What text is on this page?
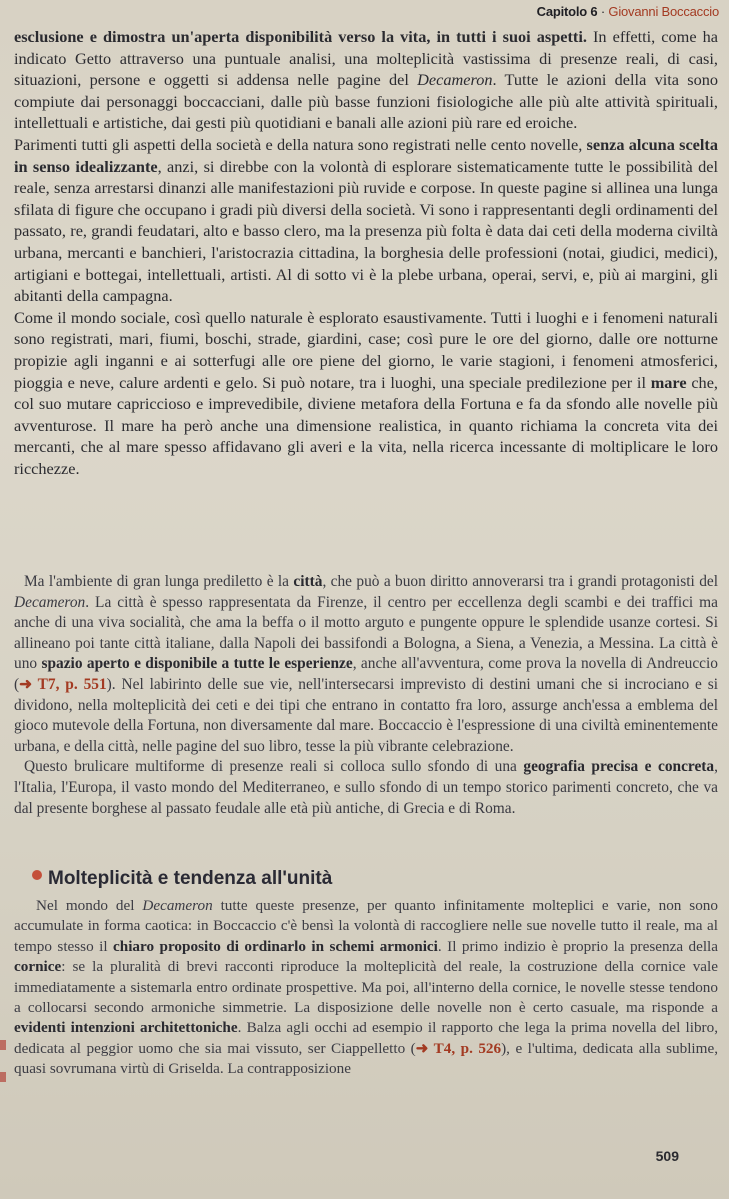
Capitolo 6 · Giovanni Boccaccio

esclusione e dimostra un'aperta disponibilità verso la vita, in tutti i suoi aspetti. In effetti, come ha indicato Getto attraverso una puntuale analisi, una molteplicità vastissima di presenze reali, di casi, situazioni, persone e oggetti si addensa nelle pagine del Decameron. Tutte le azioni della vita sono compiute dai personaggi boccacciani, dalle più basse funzioni fisiologiche alle più alte attività spirituali, intellettuali e artistiche, dai gesti più quotidiani e banali alle azioni più rare ed eroiche.

Parimenti tutti gli aspetti della società e della natura sono registrati nelle cento novelle, senza alcuna scelta in senso idealizzante, anzi, si direbbe con la volontà di esplorare sistematicamente tutte le possibilità del reale, senza arrestarsi dinanzi alle manifestazioni più ruvide e corpose. In queste pagine si allinea una lunga sfilata di figure che occupano i gradi più diversi della società. Vi sono i rappresentanti degli ordinamenti del passato, re, grandi feudatari, alto e basso clero, ma la presenza più folta è data dai ceti della moderna civiltà urbana, mercanti e banchieri, l'aristocrazia cittadina, la borghesia delle professioni (notai, giudici, medici), artigiani e bottegai, intellettuali, artisti. Al di sotto vi è la plebe urbana, operai, servi, e, più ai margini, gli abitanti della campagna.

Come il mondo sociale, così quello naturale è esplorato esaustivamente. Tutti i luoghi e i fenomeni naturali sono registrati, mari, fiumi, boschi, strade, giardini, case; così pure le ore del giorno, dalle ore notturne propizie agli inganni e ai sotterfugi alle ore piene del giorno, le varie stagioni, i fenomeni atmosferici, pioggia e neve, calure ardenti e gelo. Si può notare, tra i luoghi, una speciale predilezione per il mare che, col suo mutare capriccioso e imprevedibile, diviene metafora della Fortuna e fa da sfondo alle novelle più avventurose. Il mare ha però anche una dimensione realistica, in quanto richiama la concreta vita dei mercanti, che al mare spesso affidavano gli averi e la vita, nella ricerca incessante di moltiplicare le loro ricchezze.

Ma l'ambiente di gran lunga prediletto è la città, che può a buon diritto annoverarsi tra i grandi protagonisti del Decameron. La città è spesso rappresentata da Firenze, il centro per eccellenza degli scambi e dei traffici ma anche di una viva socialità, che ama la beffa o il motto arguto e pungente oppure le splendide usanze cortesi. Si allineano poi tante città italiane, dalla Napoli dei bassifondi a Bologna, a Siena, a Venezia, a Messina. La città è uno spazio aperto e disponibile a tutte le esperienze, anche all'avventura, come prova la novella di Andreuccio (➜ T7, p. 551). Nel labirinto delle sue vie, nell'intersecarsi imprevisto di destini umani che si incrociano e si dividono, nella molteplicità dei ceti e dei tipi che entrano in contatto fra loro, assurge anch'essa a emblema del gioco mutevole della Fortuna, non diversamente dal mare. Boccaccio è l'espressione di una civiltà eminentemente urbana, e della città, nelle pagine del suo libro, tesse la più vibrante celebrazione.

Questo brulicare multiforme di presenze reali si colloca sullo sfondo di una geografia precisa e concreta, l'Italia, l'Europa, il vasto mondo del Mediterraneo, e sullo sfondo di un tempo storico parimenti concreto, che va dal presente borghese al passato feudale alle età più antiche, di Grecia e di Roma.

Molteplicità e tendenza all'unità

Nel mondo del Decameron tutte queste presenze, per quanto infinitamente molteplici e varie, non sono accumulate in forma caotica: in Boccaccio c'è bensì la volontà di raccogliere nelle sue novelle tutto il reale, ma al tempo stesso il chiaro proposito di ordinarlo in schemi armonici. Il primo indizio è proprio la presenza della cornice: se la pluralità di brevi racconti riproduce la molteplicità del reale, la costruzione della cornice vale immediatamente a sistemarla entro ordinate prospettive. Ma poi, all'interno della cornice, le novelle stesse tendono a collocarsi secondo armoniche simmetrie. La disposizione delle novelle non è certo casuale, ma risponde a evidenti intenzioni architettoniche. Balza agli occhi ad esempio il rapporto che lega la prima novella del libro, dedicata al peggior uomo che sia mai vissuto, ser Ciappelletto (➜ T4, p. 526), e l'ultima, dedicata alla sublime, quasi sovrumana virtù di Griselda. La contrapposizione

509
